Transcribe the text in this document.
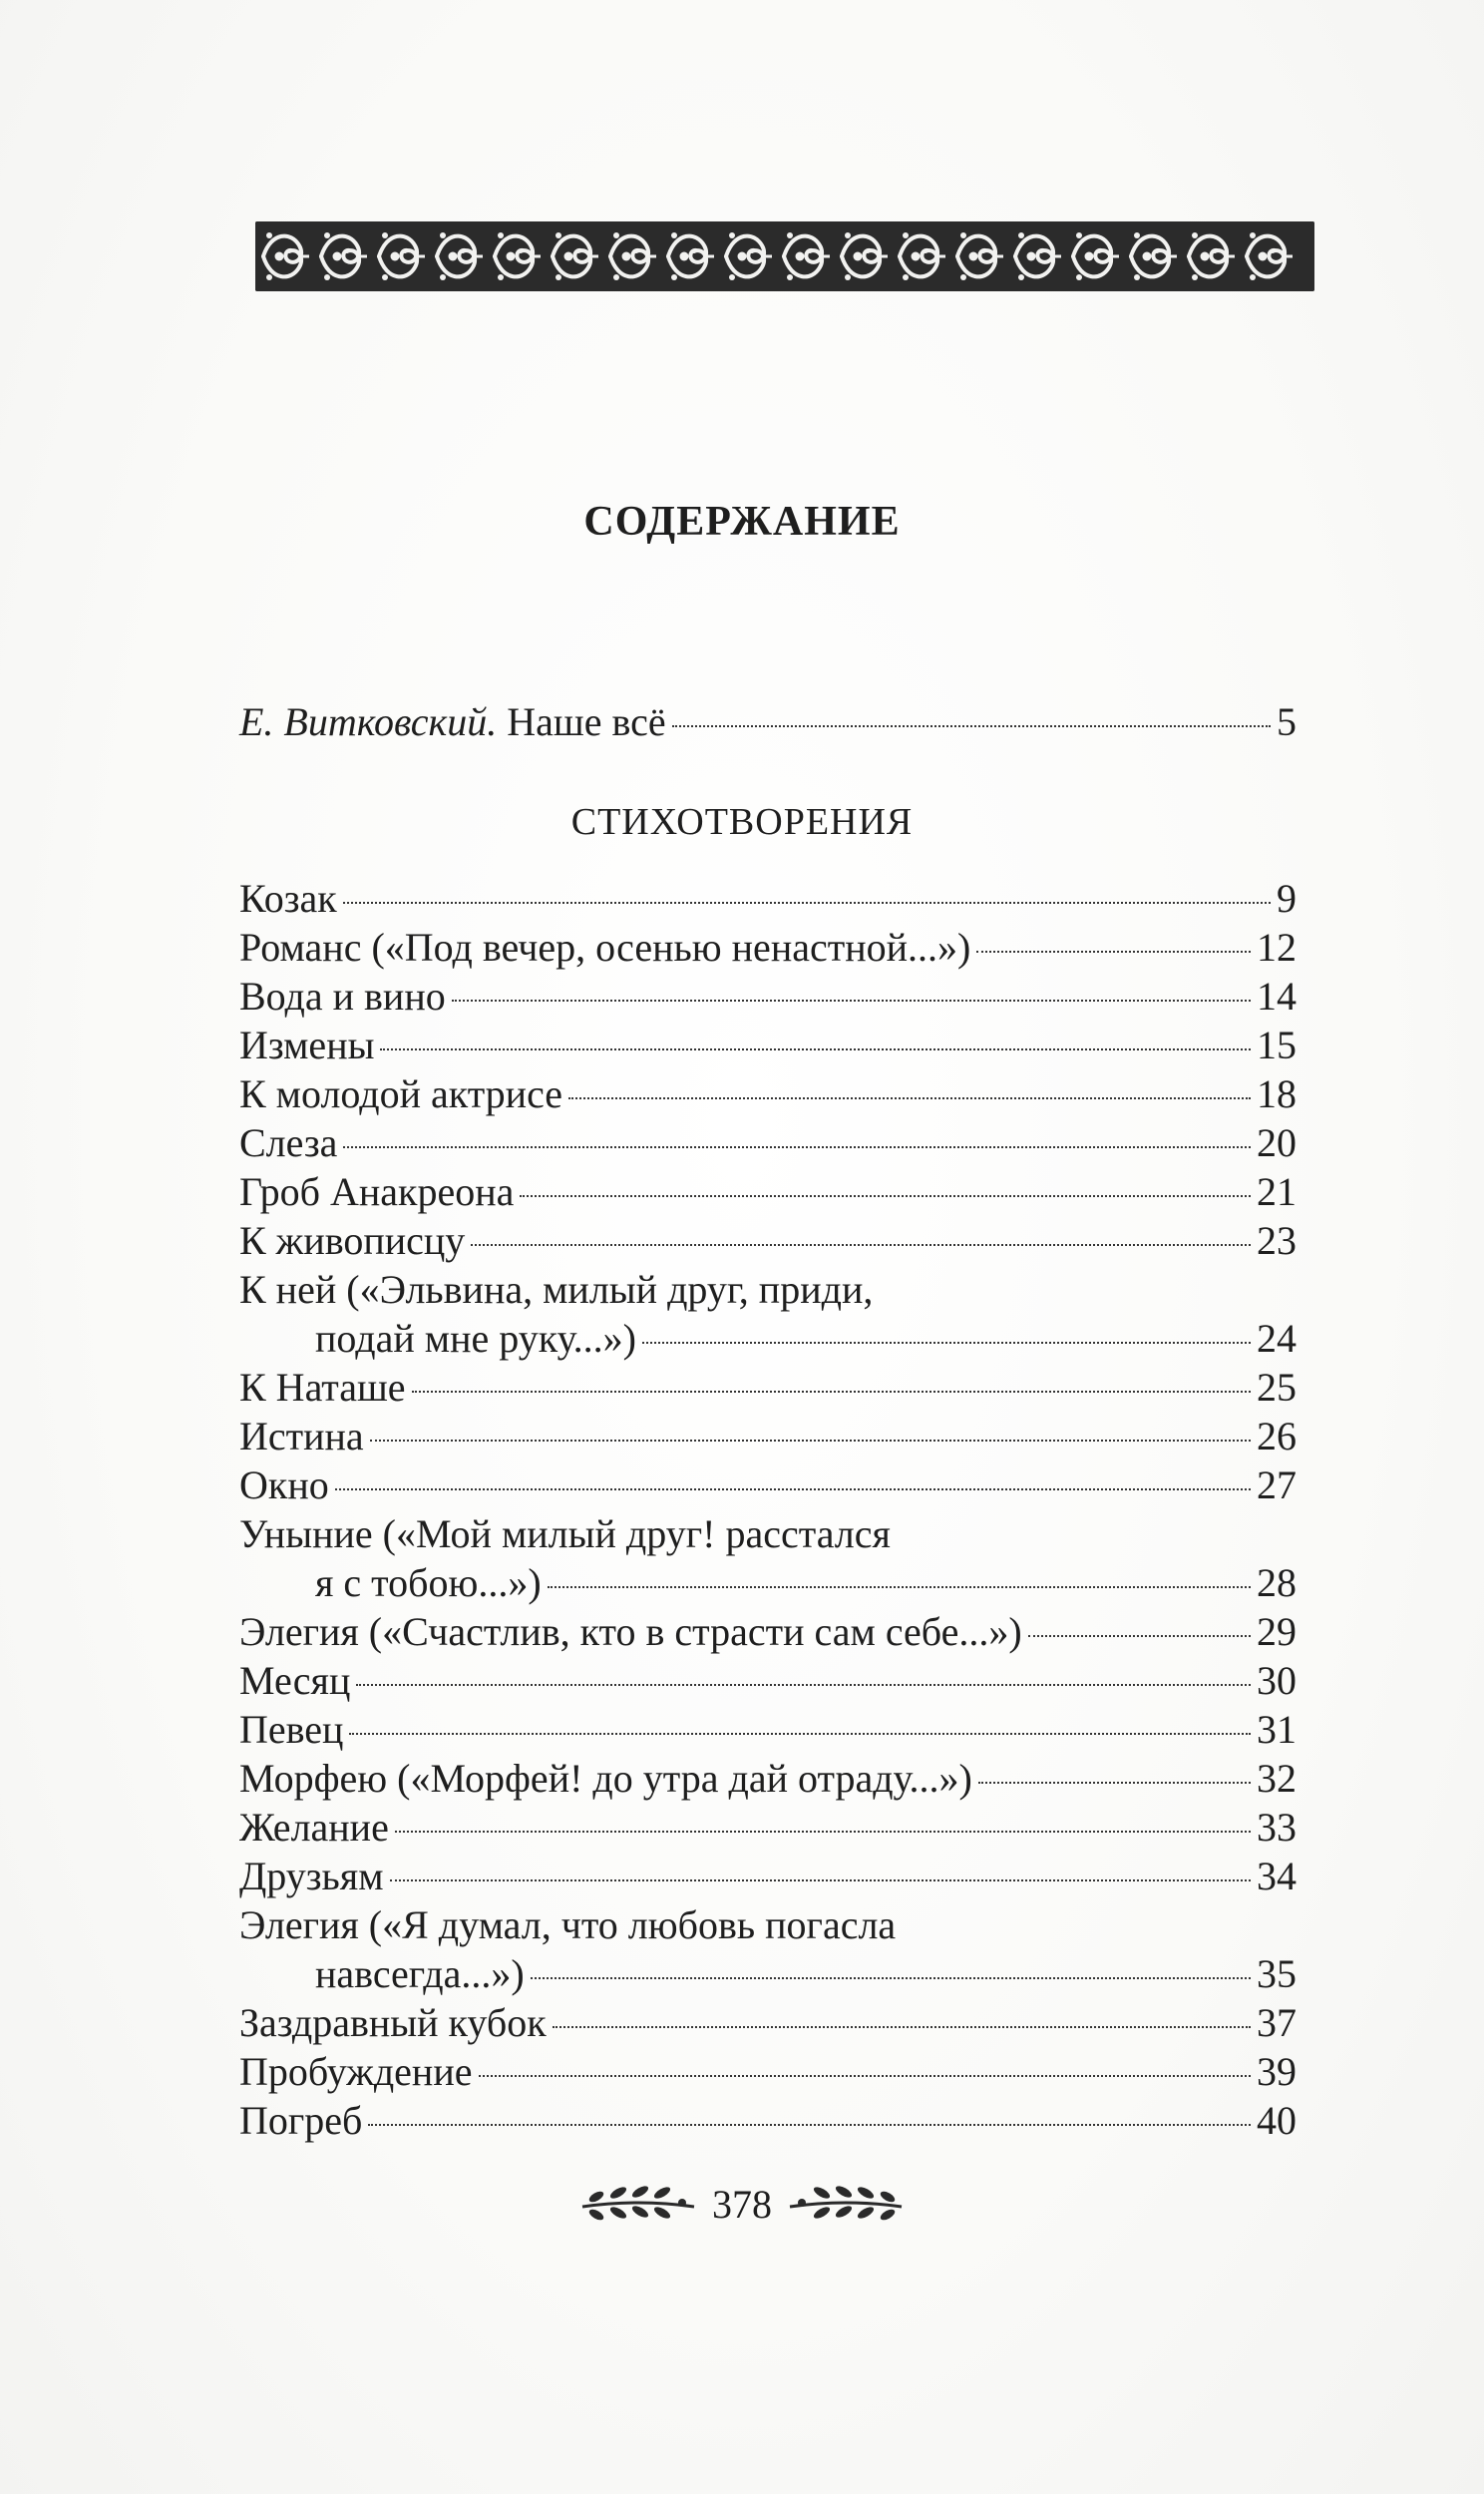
СОДЕРЖАНИЕ
Е. Витковский. Наше всё	5
СТИХОТВОРЕНИЯ
Козак	9
Романс («Под вечер, осенью ненастной...»)	12
Вода и вино	14
Измены	15
К молодой актрисе	18
Слеза	20
Гроб Анакреона	21
К живописцу	23
К ней («Эльвина, милый друг, приди,
подай мне руку...»)	24
К Наташе	25
Истина	26
Окно	27
Уныние («Мой милый друг! расстался
я с тобою...»)	28
Элегия («Счастлив, кто в страсти сам себе...»)	29
Месяц	30
Певец	31
Морфею («Морфей! до утра дай отраду...»)	32
Желание	33
Друзьям	34
Элегия («Я думал, что любовь погасла
навсегда...»)	35
Заздравный кубок	37
Пробуждение	39
Погреб	40
378
